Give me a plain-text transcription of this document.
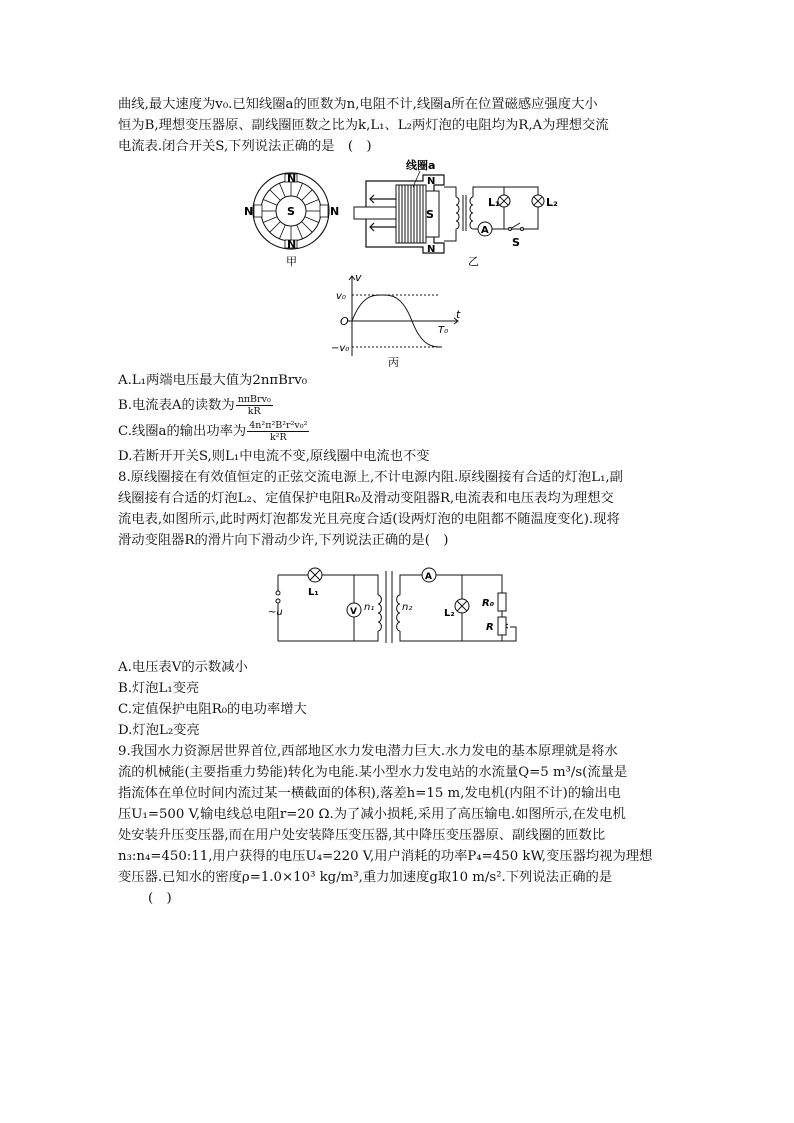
曲线,最大速度为v₀.已知线圈a的匝数为n,电阻不计,线圈a所在位置磁感应强度大小
恒为B,理想变压器原、副线圈匝数之比为k,L₁、L₂两灯泡的电阻均为R,A为理想交流
电流表.闭合开关S,下列说法正确的是　(　)
N
N
N	N
S
甲
S
N
N
线圈a
A
L₁	L₂
S
乙
v
t
O
v₀
−v₀
T₀
丙
A.L₁两端电压最大值为2nπBrv₀
B.电流表A的读数为 $\frac{\text{nπBrv₀}}{kR}$
C.线圈a的输出功率为 $\frac{\text{4n²π²B²r²v₀²}}{\text{k²R}}$
D.若断开开关S,则L₁中电流不变,原线圈中电流也不变
8.原线圈接在有效值恒定的正弦交流电源上,不计电源内阻.原线圈接有合适的灯泡L₁,副
线圈接有合适的灯泡L₂、定值保护电阻R₀及滑动变阻器R,电流表和电压表均为理想交
流电表,如图所示,此时两灯泡都发光且亮度合适(设两灯泡的电阻都不随温度变化).现将
滑动变阻器R的滑片向下滑动少许,下列说法正确的是(　)
L₁
V n₁	n₂
~u
A
L₂
R₀
R
A.电压表V的示数减小
B.灯泡L₁变亮
C.定值保护电阻R₀的电功率增大
D.灯泡L₂变亮
9.我国水力资源居世界首位,西部地区水力发电潜力巨大.水力发电的基本原理就是将水
流的机械能(主要指重力势能)转化为电能.某小型水力发电站的水流量Q=5 m³/s(流量是
指流体在单位时间内流过某一横截面的体积),落差h=15 m,发电机(内阻不计)的输出电
压U₁=500 V,输电线总电阻r=20 Ω.为了减小损耗,采用了高压输电.如图所示,在发电机
处安装升压变压器,而在用户处安装降压变压器,其中降压变压器原、副线圈的匝数比
n₃:n₄=450:11,用户获得的电压U₄=220 V,用户消耗的功率P₄=450 kW,变压器均视为理想
变压器.已知水的密度ρ=1.0×10³ kg/m³,重力加速度g取10 m/s².下列说法正确的是
(　)
